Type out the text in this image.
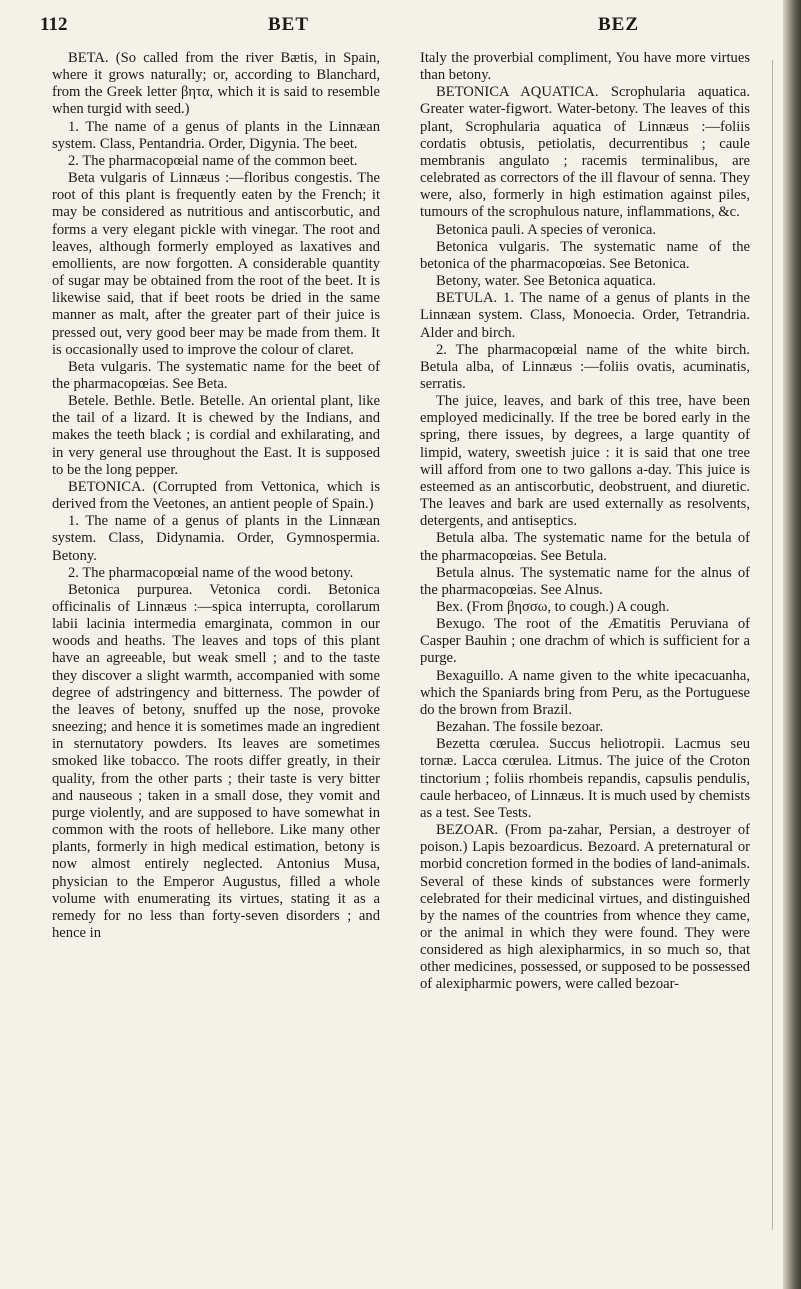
112	BET	BEZ

BETA. (So called from the river Bætis, in Spain, where it grows naturally; or, according to Blanchard, from the Greek letter βητα, which it is said to resemble when turgid with seed.)

1. The name of a genus of plants in the Linnæan system. Class, Pentandria. Order, Digynia. The beet.

2. The pharmacopœial name of the common beet.

Beta vulgaris of Linnæus :—floribus congestis. The root of this plant is frequently eaten by the French; it may be considered as nutritious and antiscorbutic, and forms a very elegant pickle with vinegar. The root and leaves, although formerly employed as laxatives and emollients, are now forgotten. A considerable quantity of sugar may be obtained from the root of the beet. It is likewise said, that if beet roots be dried in the same manner as malt, after the greater part of their juice is pressed out, very good beer may be made from them. It is occasionally used to improve the colour of claret.

Beta vulgaris. The systematic name for the beet of the pharmacopœias. See Beta.

Betele. Bethle. Betle. Betelle. An oriental plant, like the tail of a lizard. It is chewed by the Indians, and makes the teeth black ; is cordial and exhilarating, and in very general use throughout the East. It is supposed to be the long pepper.

BETONICA. (Corrupted from Vettonica, which is derived from the Veetones, an antient people of Spain.)

1. The name of a genus of plants in the Linnæan system. Class, Didynamia. Order, Gymnospermia. Betony.

2. The pharmacopœial name of the wood betony.

Betonica purpurea. Vetonica cordi. Betonica officinalis of Linnæus :—spica interrupta, corollarum labii lacinia intermedia emarginata, common in our woods and heaths. The leaves and tops of this plant have an agreeable, but weak smell ; and to the taste they discover a slight warmth, accompanied with some degree of adstringency and bitterness. The powder of the leaves of betony, snuffed up the nose, provoke sneezing; and hence it is sometimes made an ingredient in sternutatory powders. Its leaves are sometimes smoked like tobacco. The roots differ greatly, in their quality, from the other parts ; their taste is very bitter and nauseous ; taken in a small dose, they vomit and purge violently, and are supposed to have somewhat in common with the roots of hellebore. Like many other plants, formerly in high medical estimation, betony is now almost entirely neglected. Antonius Musa, physician to the Emperor Augustus, filled a whole volume with enumerating its virtues, stating it as a remedy for no less than forty-seven disorders ; and hence in

Italy the proverbial compliment, You have more virtues than betony.

BETONICA AQUATICA. Scrophularia aquatica. Greater water-figwort. Water-betony. The leaves of this plant, Scrophularia aquatica of Linnæus :—foliis cordatis obtusis, petiolatis, decurrentibus ; caule membranis angulato ; racemis terminalibus, are celebrated as correctors of the ill flavour of senna. They were, also, formerly in high estimation against piles, tumours of the scrophulous nature, inflammations, &c.

Betonica pauli. A species of veronica.

Betonica vulgaris. The systematic name of the betonica of the pharmacopœias. See Betonica.

Betony, water. See Betonica aquatica.

BETULA. 1. The name of a genus of plants in the Linnæan system. Class, Monoecia. Order, Tetrandria. Alder and birch.

2. The pharmacopœial name of the white birch. Betula alba, of Linnæus :—foliis ovatis, acuminatis, serratis.

The juice, leaves, and bark of this tree, have been employed medicinally. If the tree be bored early in the spring, there issues, by degrees, a large quantity of limpid, watery, sweetish juice : it is said that one tree will afford from one to two gallons a-day. This juice is esteemed as an antiscorbutic, deobstruent, and diuretic. The leaves and bark are used externally as resolvents, detergents, and antiseptics.

Betula alba. The systematic name for the betula of the pharmacopœias. See Betula.

Betula alnus. The systematic name for the alnus of the pharmacopœias. See Alnus.

Bex. (From βησσω, to cough.) A cough.

Bexugo. The root of the Æmatitis Peruviana of Casper Bauhin ; one drachm of which is sufficient for a purge.

Bexaguillo. A name given to the white ipecacuanha, which the Spaniards bring from Peru, as the Portuguese do the brown from Brazil.

Bezahan. The fossile bezoar.

Bezetta cœrulea. Succus heliotropii. Lacmus seu tornæ. Lacca cœrulea. Litmus. The juice of the Croton tinctorium ; foliis rhombeis repandis, capsulis pendulis, caule herbaceo, of Linnæus. It is much used by chemists as a test. See Tests.

BEZOAR. (From pa-zahar, Persian, a destroyer of poison.) Lapis bezoardicus. Bezoard. A preternatural or morbid concretion formed in the bodies of land-animals. Several of these kinds of substances were formerly celebrated for their medicinal virtues, and distinguished by the names of the countries from whence they came, or the animal in which they were found. They were considered as high alexipharmics, in so much so, that other medicines, possessed, or supposed to be possessed of alexipharmic powers, were called bezoar-
